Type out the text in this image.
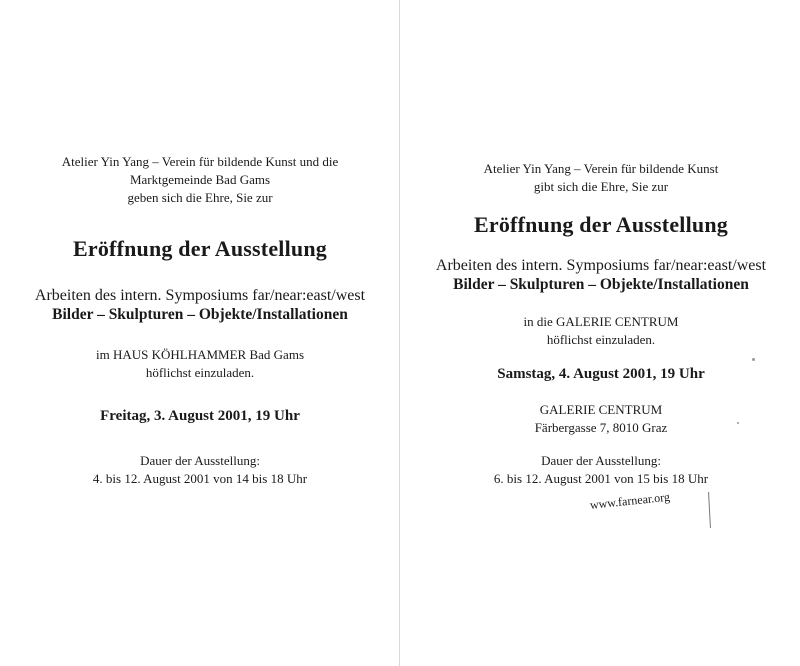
Atelier Yin Yang – Verein für bildende Kunst und die
Marktgemeinde Bad Gams
geben sich die Ehre, Sie zur
Eröffnung der Ausstellung
Arbeiten des intern. Symposiums far/near:east/west
Bilder – Skulpturen – Objekte/Installationen
im HAUS KÖHLHAMMER Bad Gams
höflichst einzuladen.
Freitag, 3. August 2001, 19 Uhr
Dauer der Ausstellung:
4. bis 12. August 2001 von 14 bis 18 Uhr
Atelier Yin Yang – Verein für bildende Kunst
gibt sich die Ehre, Sie zur
Eröffnung der Ausstellung
Arbeiten des intern. Symposiums far/near:east/west
Bilder – Skulpturen – Objekte/Installationen
in die GALERIE CENTRUM
höflichst einzuladen.
Samstag, 4. August 2001, 19 Uhr
GALERIE CENTRUM
Färbergasse 7, 8010 Graz
Dauer der Ausstellung:
6. bis 12. August 2001 von 15 bis 18 Uhr
www.farnear.org
